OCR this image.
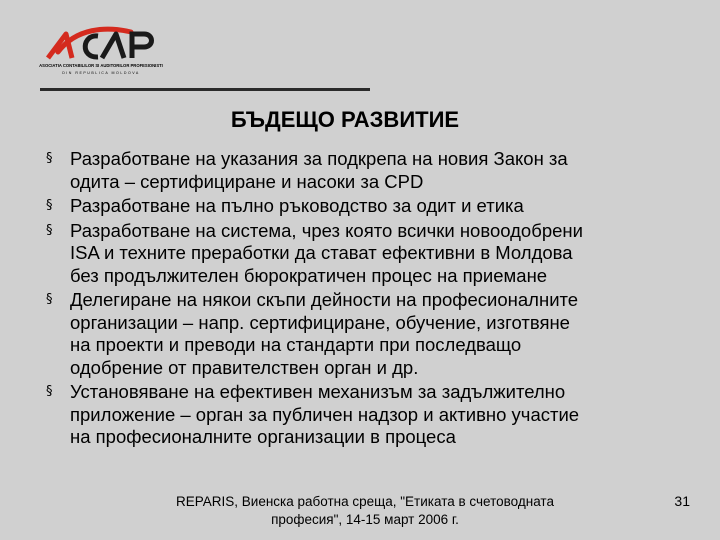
ASOCIATIA CONTABILILOR SI AUDITORILOR PROFESIONISTI
DIN REPUBLICA MOLDOVA
БЪДЕЩО РАЗВИТИЕ
§ Разработване на указания за подкрепа на новия Закон за
одита – сертифициране и насоки за CPD
§ Разработване на пълно ръководство за одит и етика
§ Разработване на система, чрез която всички новоодобрени
ISA и техните преработки да стават ефективни в Молдова
без продължителен бюрократичен процес на приемане
§ Делегиране на някои скъпи дейности на професионалните
организации – напр. сертифициране, обучение, изготвяне
на проекти и преводи на стандарти при последващо
одобрение от правителствен орган и др.
§ Установяване на ефективен механизъм за задължително
приложение – орган за публичен надзор и активно участие
на професионалните организации в процеса
REPARIS, Виенска работна среща, "Етиката в счетоводната
професия", 14-15 март 2006 г.
31
